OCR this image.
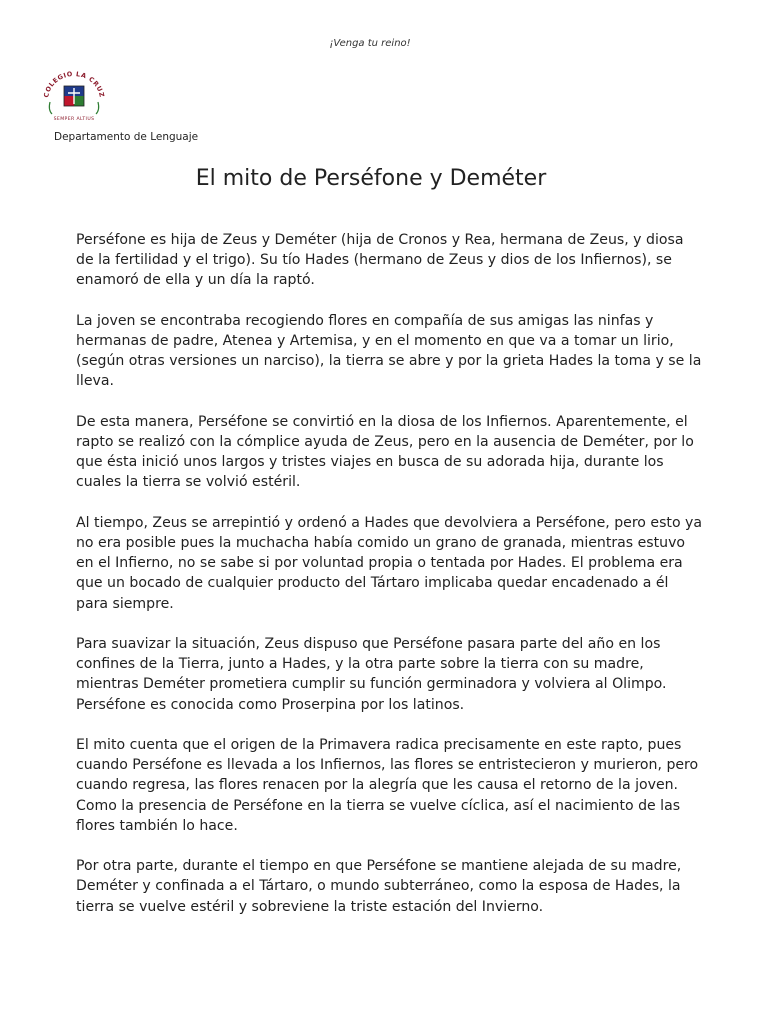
¡Venga tu reino!
COLEGIO LA CRUZ
SEMPER ALTIUS
Departamento de Lenguaje
El mito de Perséfone y Deméter

Perséfone es hija de Zeus y Deméter (hija de Cronos y Rea, hermana de Zeus, y diosa de la fertilidad y el trigo). Su tío Hades (hermano de Zeus y dios de los Infiernos), se enamoró de ella y un día la raptó.

La joven se encontraba recogiendo flores en compañía de sus amigas las ninfas y hermanas de padre, Atenea y Artemisa, y en el momento en que va a tomar un lirio, (según otras versiones un narciso), la tierra se abre y por la grieta Hades la toma y se la lleva.

De esta manera, Perséfone se convirtió en la diosa de los Infiernos. Aparentemente, el rapto se realizó con la cómplice ayuda de Zeus, pero en la ausencia de Deméter, por lo que ésta inició unos largos y tristes viajes en busca de su adorada hija, durante los cuales la tierra se volvió estéril.

Al tiempo, Zeus se arrepintió y ordenó a Hades que devolviera a Perséfone, pero esto ya no era posible pues la muchacha había comido un grano de granada, mientras estuvo en el Infierno, no se sabe si por voluntad propia o tentada por Hades. El problema era que un bocado de cualquier producto del Tártaro implicaba quedar encadenado a él para siempre.

Para suavizar la situación, Zeus dispuso que Perséfone pasara parte del año en los confines de la Tierra, junto a Hades, y la otra parte sobre la tierra con su madre, mientras Deméter prometiera cumplir su función germinadora y volviera al Olimpo. Perséfone es conocida como Proserpina por los latinos.

El mito cuenta que el origen de la Primavera radica precisamente en este rapto, pues cuando Perséfone es llevada a los Infiernos, las flores se entristecieron y murieron, pero cuando regresa, las flores renacen por la alegría que les causa el retorno de la joven. Como la presencia de Perséfone en la tierra se vuelve cíclica, así el nacimiento de las flores también lo hace.

Por otra parte, durante el tiempo en que Perséfone se mantiene alejada de su madre, Deméter y confinada a el Tártaro, o mundo subterráneo, como la esposa de Hades, la tierra se vuelve estéril y sobreviene la triste estación del Invierno.
